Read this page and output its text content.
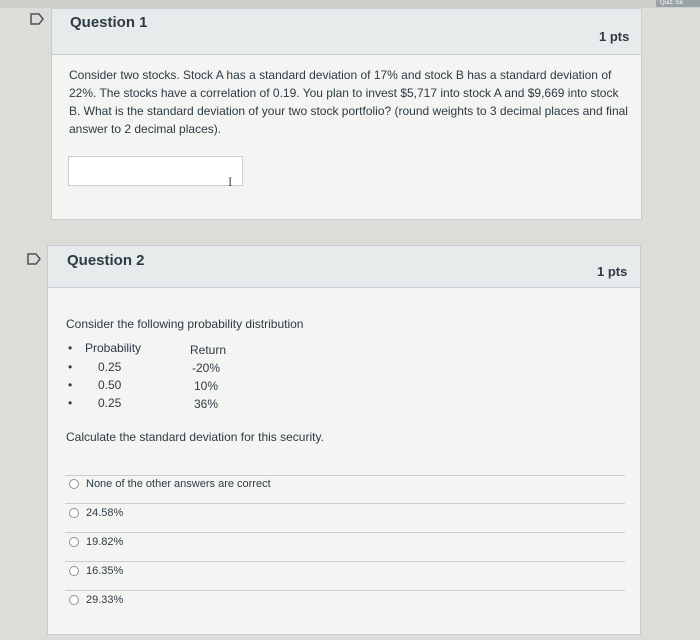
Quiz: Se
Question 1
1 pts
Consider two stocks. Stock A has a standard deviation of 17% and stock B has a standard deviation of 22%. The stocks have a correlation of 0.19. You plan to invest $5,717 into stock A and $9,669 into stock B. What is the standard deviation of your two stock portfolio? (round weights to 3 decimal places and final answer to 2 decimal places).
I
Question 2
1 pts
Consider the following probability distribution
• Probability	Return
• 0.25	-20%
• 0.50	10%
• 0.25	36%
Calculate the standard deviation for this security.
None of the other answers are correct
24.58%
19.82%
16.35%
29.33%
